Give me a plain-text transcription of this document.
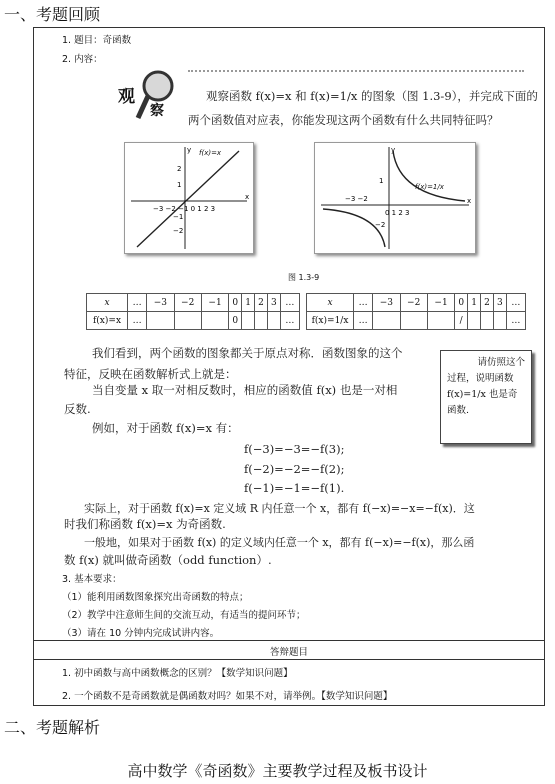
一、考题回顾
1. 题目：奇函数
2. 内容：
观
察
观察函数 f(x)=x 和 f(x)=1/x 的图象（图 1.3-9），并完成下面的
两个函数值对应表，你能发现这两个函数有什么共同特征吗？
−3 −2 −1 0 1 2 3
2
1
−1
−2
x
y f(x)=x
−3 −2
0 1 2 3
1
−2
x
y
f(x)=1/x
图 1.3-9
x	…	−3	−2	−1	0	1	2	3	…
f(x)=x	…				0				…
x	…	−3	−2	−1	0	1	2	3	…
f(x)=1/x	…				/				…
我们看到，两个函数的图象都关于原点对称．函数图象的这个
特征，反映在函数解析式上就是：
当自变量 x 取一对相反数时，相应的函数值 f(x) 也是一对相
反数.
例如，对于函数 f(x)=x 有：
f(−3)=−3=−f(3);
f(−2)=−2=−f(2);
f(−1)=−1=−f(1).
实际上，对于函数 f(x)=x 定义域 R 内任意一个 x，都有 f(−x)=−x=−f(x)．这
时我们称函数 f(x)=x 为奇函数.
一般地，如果对于函数 f(x) 的定义域内任意一个 x，都有 f(−x)=−f(x)，那么函
数 f(x) 就叫做奇函数（odd function）.
请仿照这个
过程，说明函数
f(x)=1/x 也是奇
函数.
3. 基本要求：
（1）能利用函数图象探究出奇函数的特点；
（2）教学中注意师生间的交流互动，有适当的提问环节；
（3）请在 10 分钟内完成试讲内容。
答辩题目
1. 初中函数与高中函数概念的区别？【数学知识问题】
2. 一个函数不是奇函数就是偶函数对吗？如果不对，请举例。【数学知识问题】
二、考题解析
高中数学《奇函数》主要教学过程及板书设计
